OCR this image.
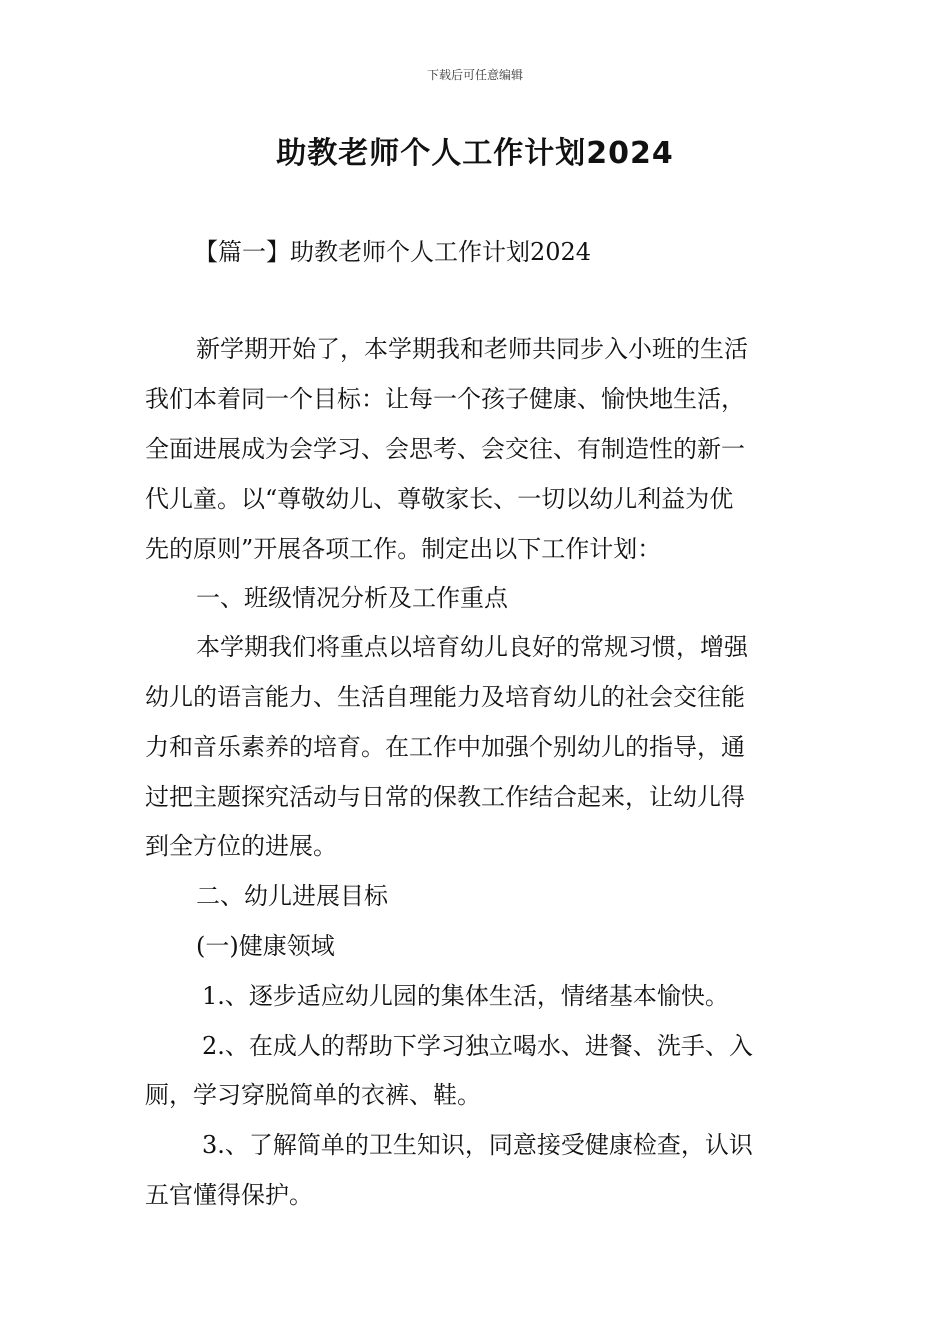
下载后可任意编辑
助教老师个人工作计划2024
【篇一】助教老师个人工作计划2024
新学期开始了，本学期我和老师共同步入小班的生活
我们本着同一个目标：让每一个孩子健康、愉快地生活，
全面进展成为会学习、会思考、会交往、有制造性的新一
代儿童。以“尊敬幼儿、尊敬家长、一切以幼儿利益为优
先的原则”开展各项工作。制定出以下工作计划：
一、班级情况分析及工作重点
本学期我们将重点以培育幼儿良好的常规习惯，增强
幼儿的语言能力、生活自理能力及培育幼儿的社会交往能
力和音乐素养的培育。在工作中加强个别幼儿的指导，通
过把主题探究活动与日常的保教工作结合起来，让幼儿得
到全方位的进展。
二、幼儿进展目标
(一)健康领域
1.、逐步适应幼儿园的集体生活，情绪基本愉快。
2.、在成人的帮助下学习独立喝水、进餐、洗手、入
厕，学习穿脱简单的衣裤、鞋。
3.、了解简单的卫生知识，同意接受健康检查，认识
五官懂得保护。
